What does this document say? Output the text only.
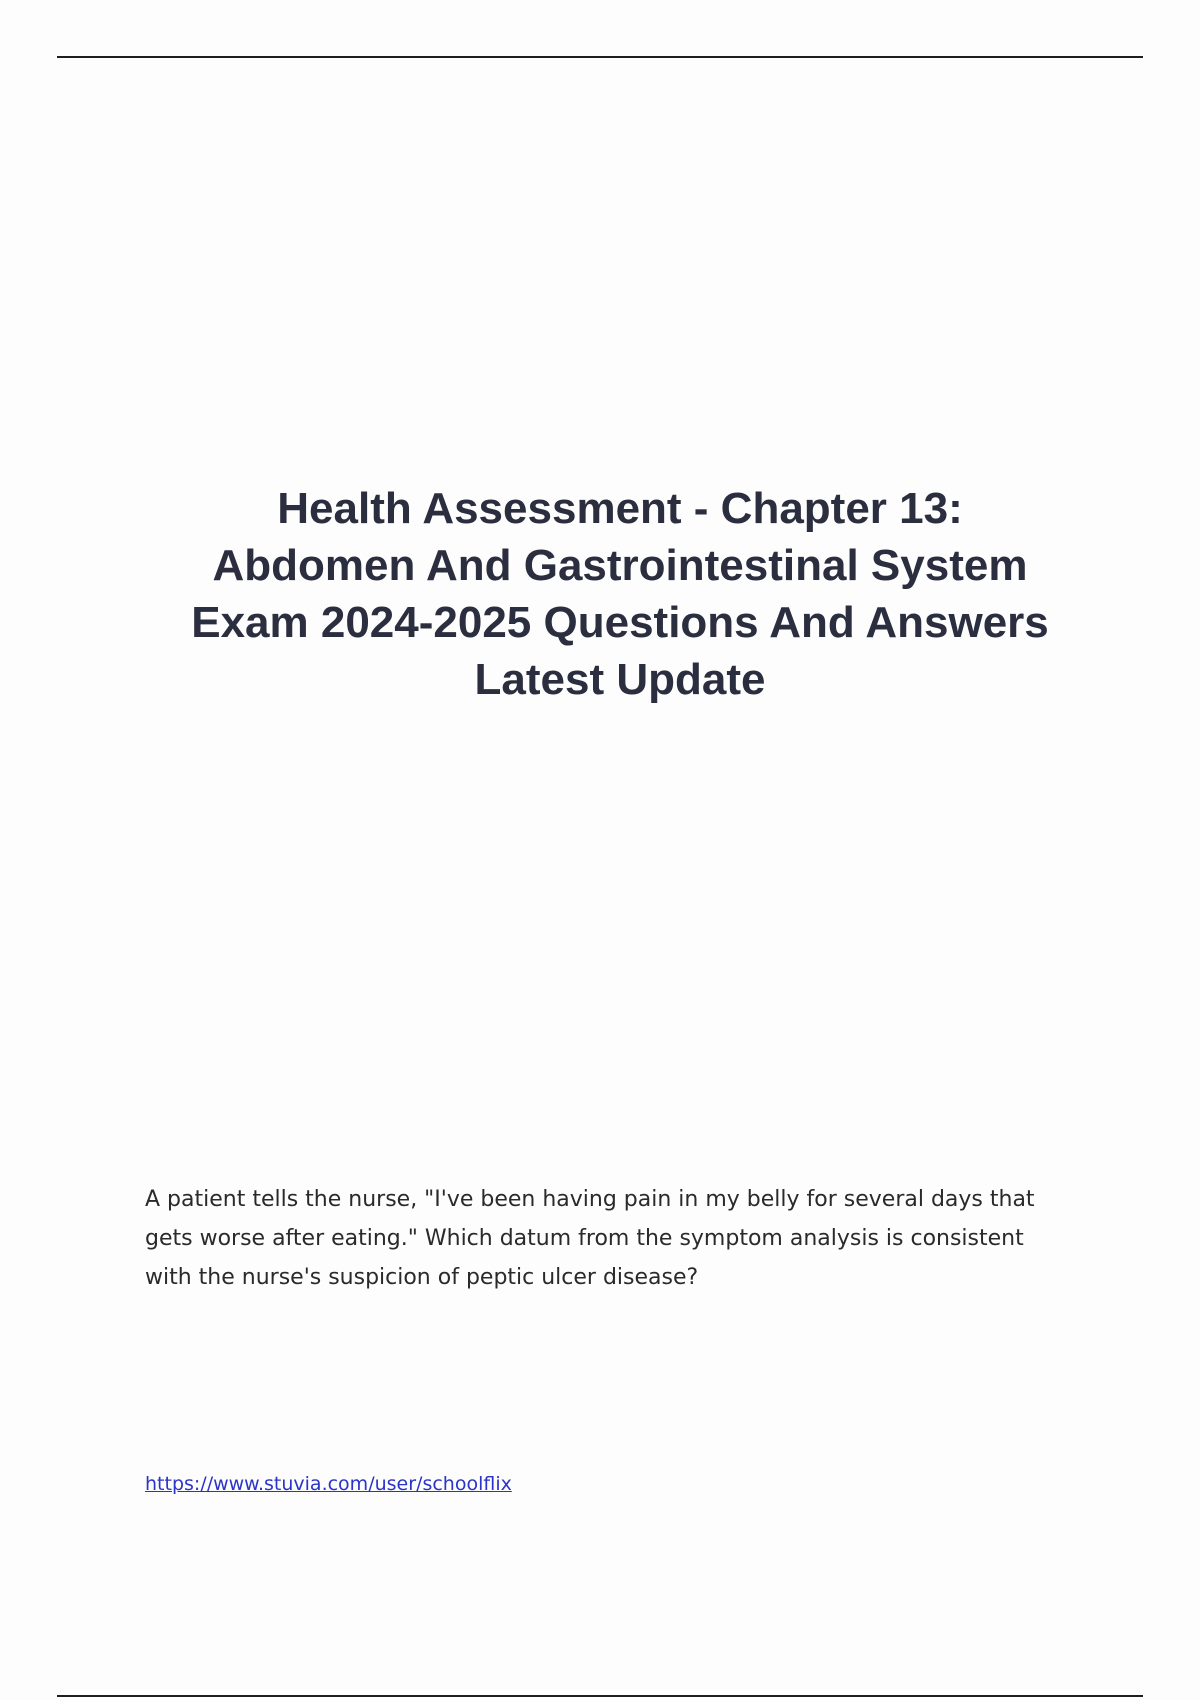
Health Assessment - Chapter 13:
Abdomen And Gastrointestinal System
Exam 2024-2025 Questions And Answers
Latest Update

A patient tells the nurse, "I've been having pain in my belly for several days that
gets worse after eating." Which datum from the symptom analysis is consistent
with the nurse's suspicion of peptic ulcer disease?

https://www.stuvia.com/user/schoolflix
